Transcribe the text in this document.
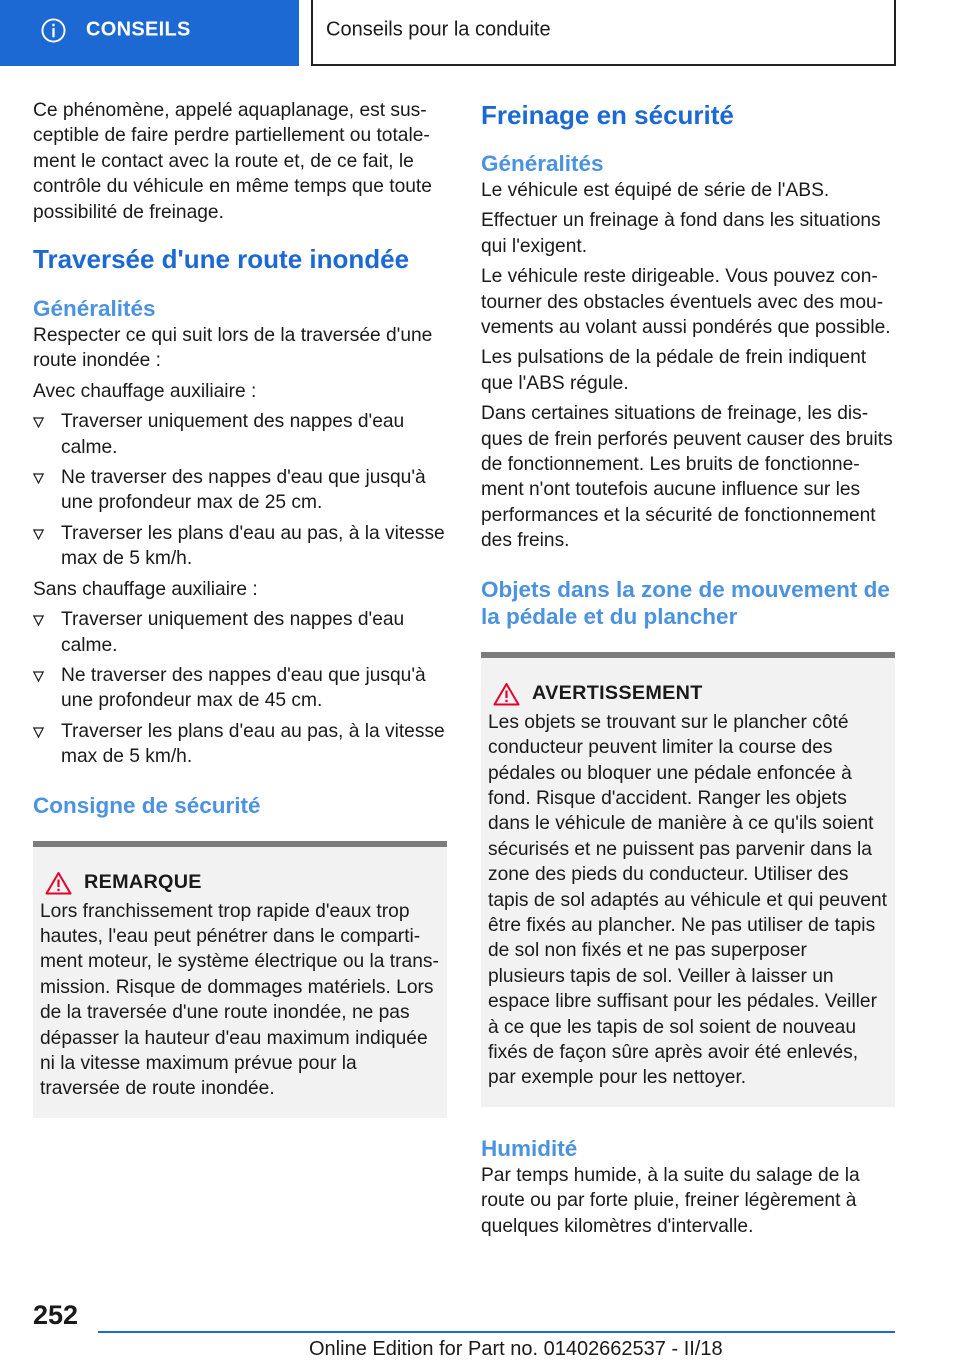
CONSEILS	Conseils pour la conduite

Ce phénomène, appelé aquaplanage, est susceptible de faire perdre partiellement ou totalement le contact avec la route et, de ce fait, le contrôle du véhicule en même temps que toute possibilité de freinage.

Traversée d'une route inondée
Généralités

Respecter ce qui suit lors de la traversée d'une route inondée :

Avec chauffage auxiliaire :

Traverser uniquement des nappes d'eau calme.
Ne traverser des nappes d'eau que jusqu'à une profondeur max de 25 cm.
Traverser les plans d'eau au pas, à la vitesse max de 5 km/h.

Sans chauffage auxiliaire :

Traverser uniquement des nappes d'eau calme.
Ne traverser des nappes d'eau que jusqu'à une profondeur max de 45 cm.
Traverser les plans d'eau au pas, à la vitesse max de 5 km/h.
Consigne de sécurité
REMARQUE

Lors franchissement trop rapide d'eaux trop hautes, l'eau peut pénétrer dans le compartiment moteur, le système électrique ou la transmission. Risque de dommages matériels. Lors de la traversée d'une route inondée, ne pas dépasser la hauteur d'eau maximum indiquée ni la vitesse maximum prévue pour la traversée de route inondée.

Freinage en sécurité
Généralités

Le véhicule est équipé de série de l'ABS.

Effectuer un freinage à fond dans les situations qui l'exigent.

Le véhicule reste dirigeable. Vous pouvez contourner des obstacles éventuels avec des mouvements au volant aussi pondérés que possible.

Les pulsations de la pédale de frein indiquent que l'ABS régule.

Dans certaines situations de freinage, les disques de frein perforés peuvent causer des bruits de fonctionnement. Les bruits de fonctionnement n'ont toutefois aucune influence sur les performances et la sécurité de fonctionnement des freins.

Objets dans la zone de mouvement de la pédale et du plancher
AVERTISSEMENT

Les objets se trouvant sur le plancher côté conducteur peuvent limiter la course des pédales ou bloquer une pédale enfoncée à fond. Risque d'accident. Ranger les objets dans le véhicule de manière à ce qu'ils soient sécurisés et ne puissent pas parvenir dans la zone des pieds du conducteur. Utiliser des tapis de sol adaptés au véhicule et qui peuvent être fixés au plancher. Ne pas utiliser de tapis de sol non fixés et ne pas superposer plusieurs tapis de sol. Veiller à laisser un espace libre suffisant pour les pédales. Veiller à ce que les tapis de sol soient de nouveau fixés de façon sûre après avoir été enlevés, par exemple pour les nettoyer.

Humidité

Par temps humide, à la suite du salage de la route ou par forte pluie, freiner légèrement à quelques kilomètres d'intervalle.

252
Online Edition for Part no. 01402662537 - II/18
